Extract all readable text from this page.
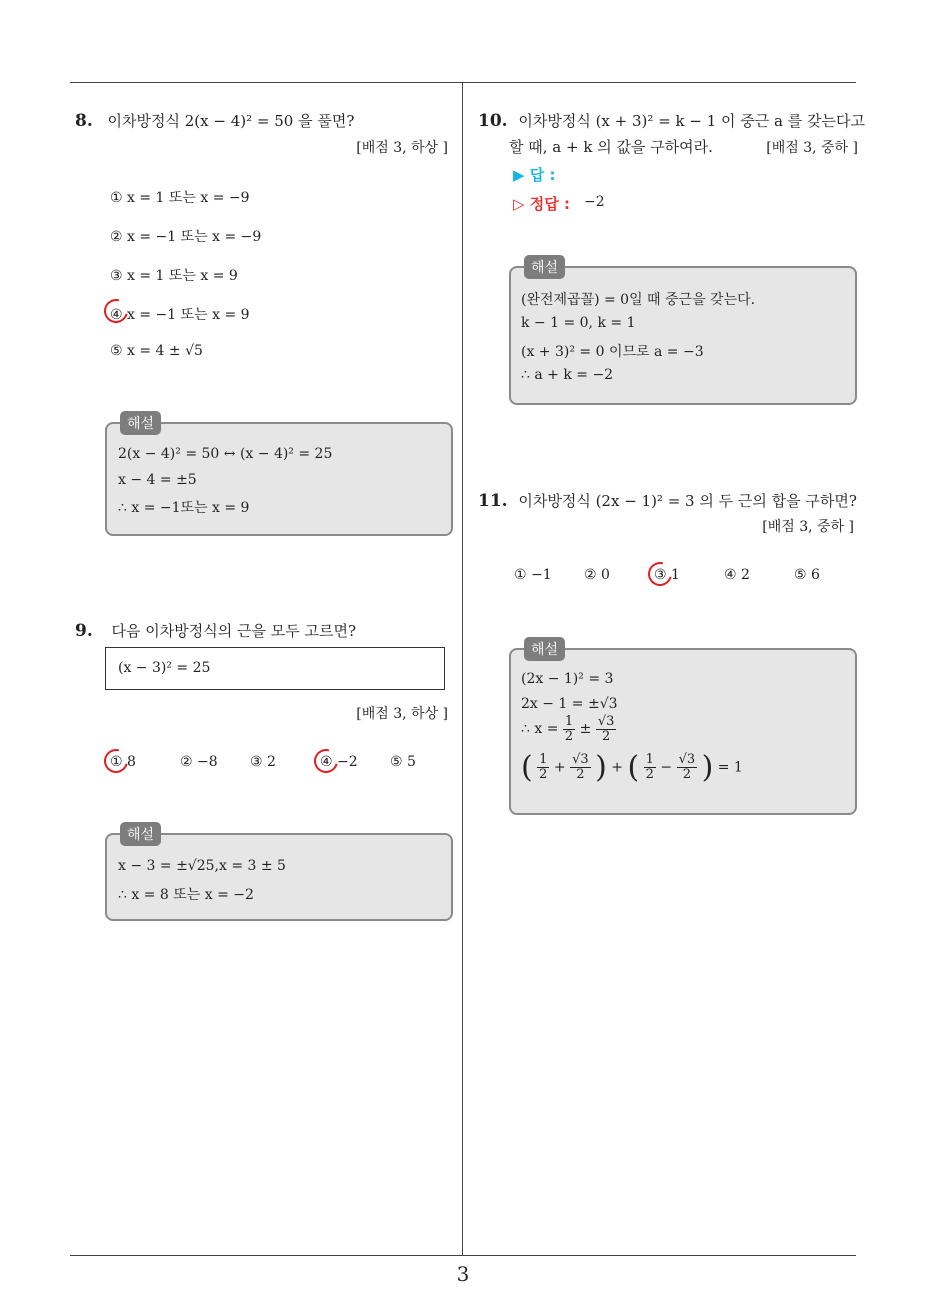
3
8. 이차방정식 2(x − 4)² = 50 을 풀면?
[배점 3, 하상 ]
① x = 1 또는 x = −9
② x = −1 또는 x = −9
③ x = 1 또는 x = 9
④ x = −1 또는 x = 9
⑤ x = 4 ± √5
해설
2(x − 4)² = 50 ↔ (x − 4)² = 25
x − 4 = ±5
∴ x = −1또는 x = 9
9. 다음 이차방정식의 근을 모두 고르면?
(x − 3)² = 25
[배점 3, 하상 ]
① 8	② −8 ③ 2	④ −2 ⑤ 5
해설
x − 3 = ±√25,x = 3 ± 5
∴ x = 8 또는 x = −2
10. 이차방정식 (x + 3)² = k − 1 이 중근 a 를 갖는다고
할 때, a + k 의 값을 구하여라.	[배점 3, 중하 ]
▶ 답 :
▷ 정답 : −2
해설
(완전제곱꼴) = 0일 때 중근을 갖는다.
k − 1 = 0, k = 1
(x + 3)² = 0 이므로 a = −3
∴ a + k = −2
11. 이차방정식 (2x − 1)² = 3 의 두 근의 합을 구하면?
[배점 3, 중하 ]
① −1 ② 0	③ 1	④ 2	⑤ 6
해설
(2x − 1)² = 3
2x − 1 = ±√3
∴ $x = \frac{1}{2} \pm \frac{√3}{2}$
( $\frac{1}{2} + \frac{√3}{2}$ ) + ( $\frac{1}{2} - \frac{√3}{2}$ ) = 1
